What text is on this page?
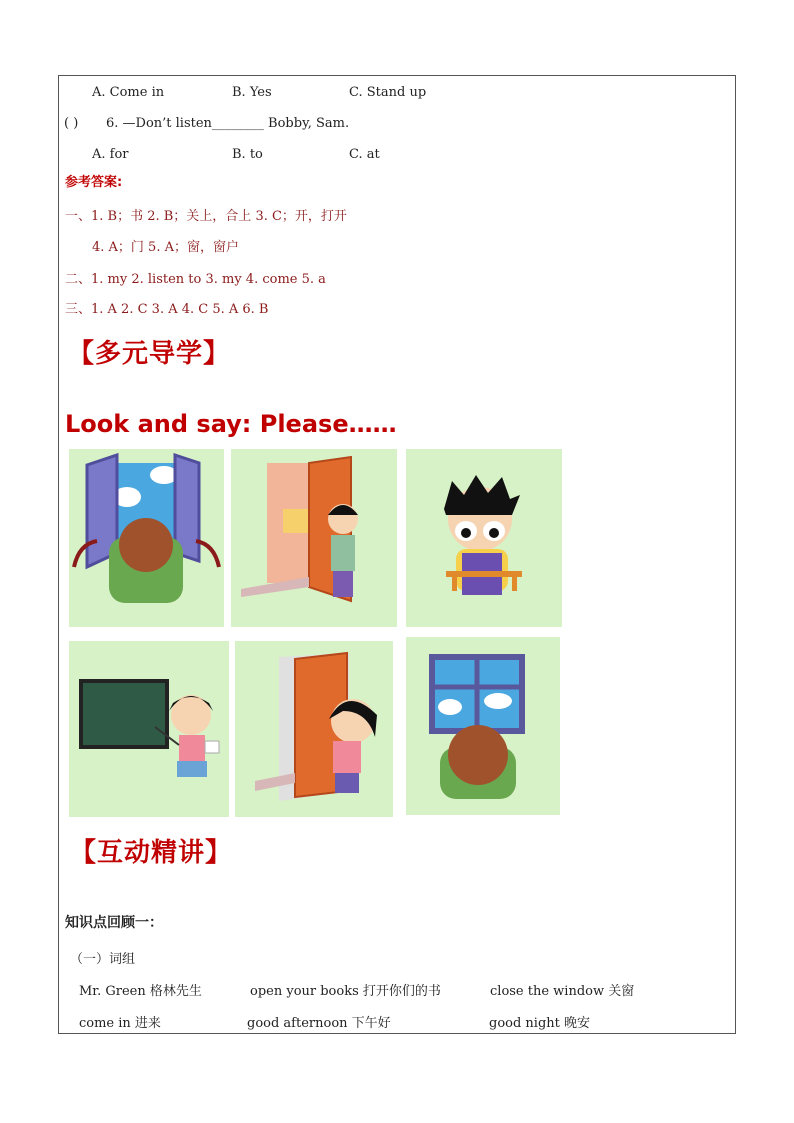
A. Come in	B. Yes	C. Stand up
( ) 6. —Don’t listen________ Bobby, Sam.
A. for	B. to	C. at
参考答案:
一、1. B；书 2. B；关上，合上 3. C；开，打开
4. A；门 5. A；窗，窗户
二、1. my 2. listen to 3. my 4. come 5. a
三、1. A 2. C 3. A 4. C 5. A 6. B
【多元导学】
Look and say: Please……
【互动精讲】
知识点回顾一：
（一）词组
Mr. Green 格林先生	open your books 打开你们的书	close the window 关窗
come in 进来	good afternoon 下午好	good night 晚安
